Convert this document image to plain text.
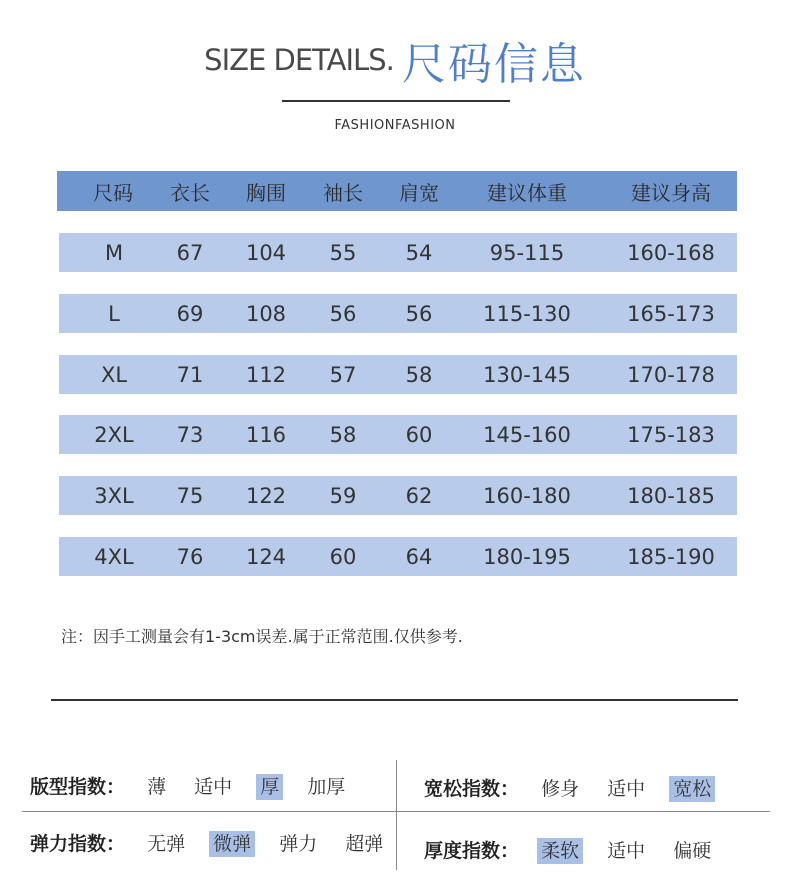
SIZE DETAILS. 尺码信息
FASHIONFASHION
尺码	衣长	胸围	袖长	肩宽	建议体重	建议身高
M	67	104	55	54	95-115	160-168
L	69	108	56	56	115-130	165-173
XL	71	112	57	58	130-145	170-178
2XL	73	116	58	60	145-160	175-183
3XL	75	122	59	62	160-180	180-185
4XL	76	124	60	64	180-195	185-190
注：因手工测量会有1-3cm误差.属于正常范围.仅供参考.
版型指数： 薄 适中 厚 加厚	宽松指数： 修身 适中 宽松
弹力指数： 无弹 微弹 弹力 超弹	厚度指数： 柔软 适中 偏硬
